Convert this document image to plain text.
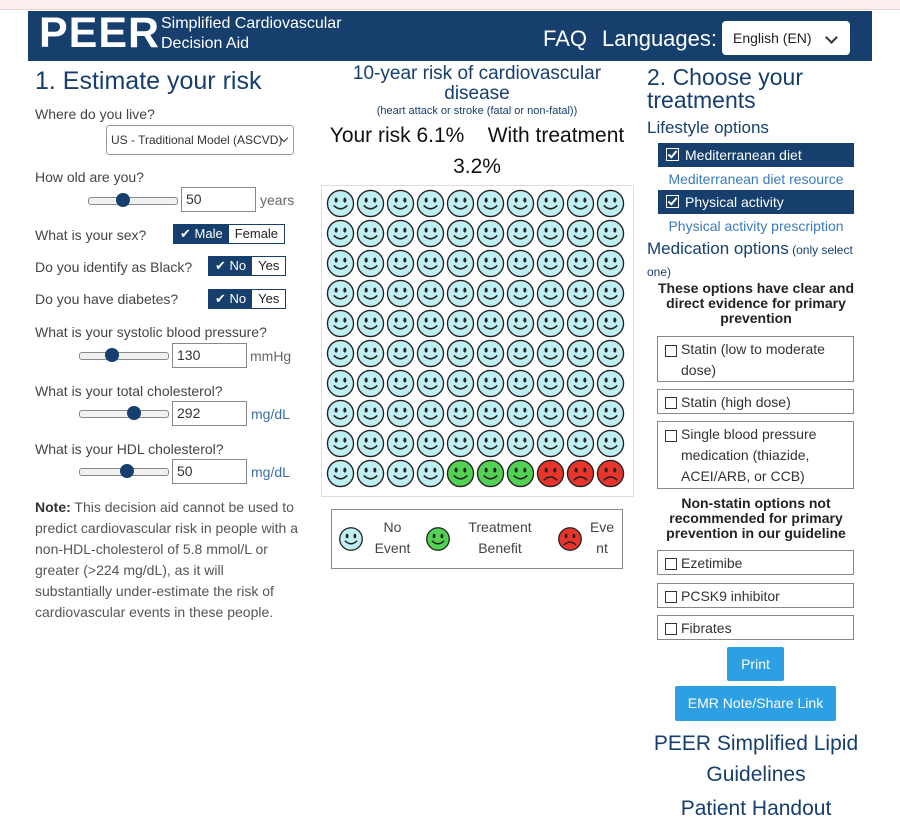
PEER Simplified Cardiovascular
Decision Aid	FAQ Languages: English (EN)
1. Estimate your risk
Where do you live?
US - Traditional Model (ASCVD)
How old are you?
50	years
What is your sex?	✔ Male Female
Do you identify as Black?	✔ No Yes
Do you have diabetes?	✔ No Yes
What is your systolic blood pressure?
130	mmHg
What is your total cholesterol?
292	mg/dL
What is your HDL cholesterol?
50	mg/dL
Note: This decision aid cannot be used to predict cardiovascular risk in people with a non-HDL-cholesterol of 5.8 mmol/L or greater (>224 mg/dL), as it will substantially under-estimate the risk of cardiovascular events in these people.
10-year risk of cardiovascular
disease
(heart attack or stroke (fatal or non-fatal))
Your risk 6.1%    With treatment
3.2%
No
Event
Treatment
Benefit
Eve
nt
2. Choose your
treatments
Lifestyle options
Mediterranean diet
Mediterranean diet resource
Physical activity
Physical activity prescription
Medication options (only select
one)
These options have clear and direct evidence for primary prevention
Statin (low to moderate dose)
Statin (high dose)
Single blood pressure medication (thiazide, ACEI/ARB, or CCB)
Non-statin options not recommended for primary prevention in our guideline
Ezetimibe
PCSK9 inhibitor
Fibrates
Print
EMR Note/Share Link
PEER Simplified Lipid
Guidelines
Patient Handout
